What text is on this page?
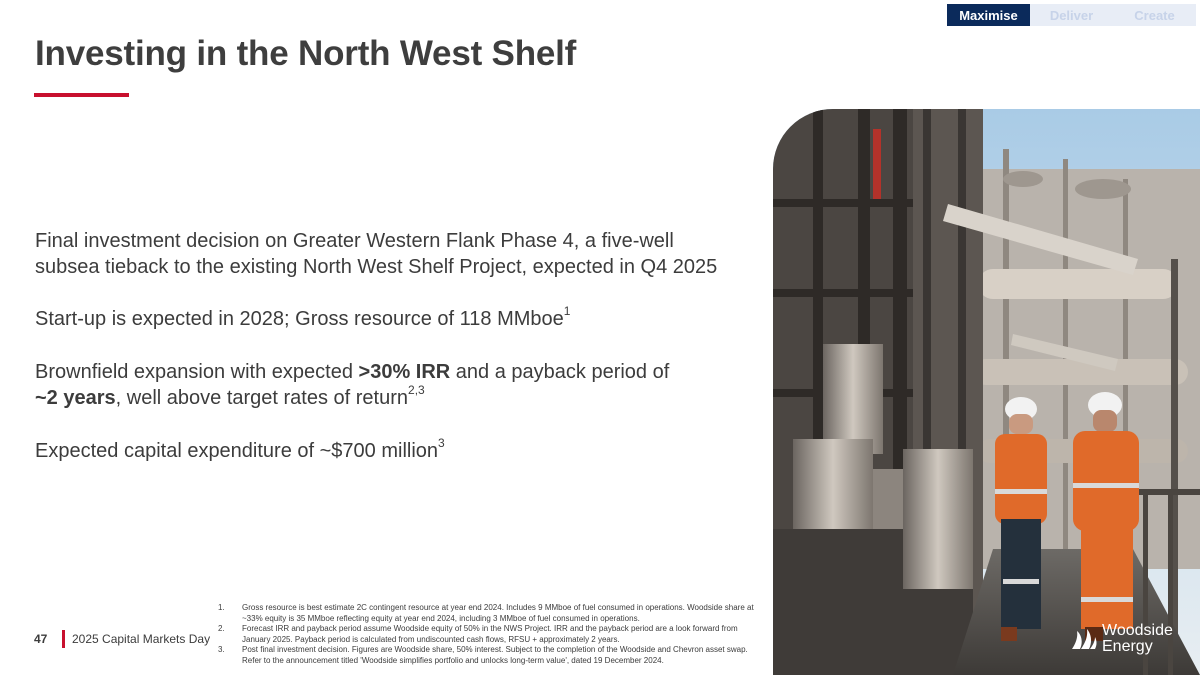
Maximise	Deliver	Create
Investing in the North West Shelf

Final investment decision on Greater Western Flank Phase 4, a five-well subsea tieback to the existing North West Shelf Project, expected in Q4 2025

Start-up is expected in 2028; Gross resource of 118 MMboe$^1$

Brownfield expansion with expected >30% IRR and a payback period of
~2 years, well above target rates of return$^{2,3}$

Expected capital expenditure of ~$700 million$^3$

Woodside
Energy
47 2025 Capital Markets Day
1. Gross resource is best estimate 2C contingent resource at year end 2024. Includes 9 MMboe of fuel consumed in operations. Woodside share at ~33% equity is 35 MMboe reflecting equity at year end 2024, including 3 MMboe of fuel consumed in operations.
2. Forecast IRR and payback period assume Woodside equity of 50% in the NWS Project. IRR and the payback period are a look forward from January 2025. Payback period is calculated from undiscounted cash flows, RFSU + approximately 2 years.
3. Post final investment decision. Figures are Woodside share, 50% interest. Subject to the completion of the Woodside and Chevron asset swap. Refer to the announcement titled 'Woodside simplifies portfolio and unlocks long-term value', dated 19 December 2024.
